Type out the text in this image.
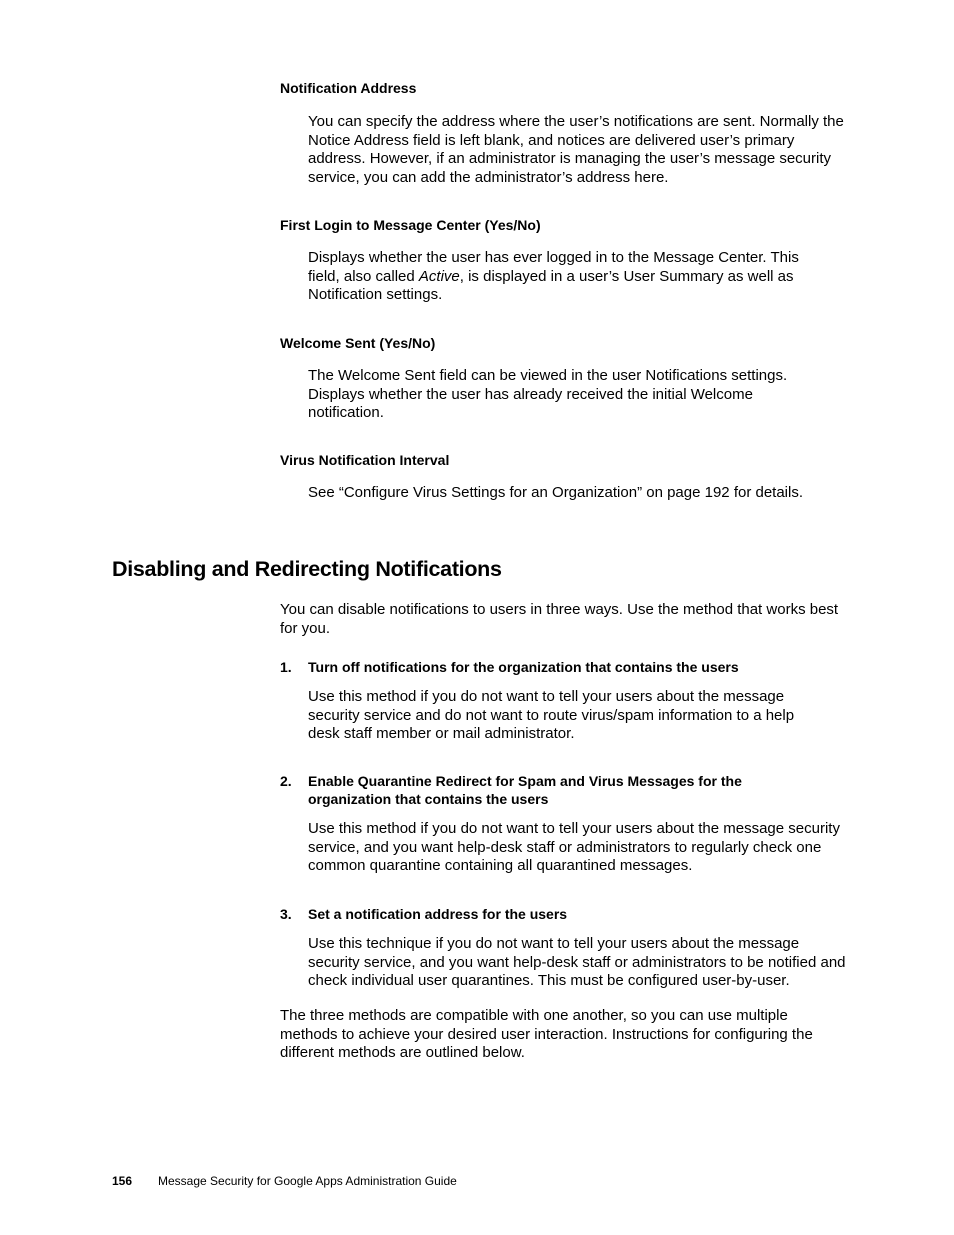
Notification Address
You can specify the address where the user’s notifications are sent. Normally the Notice Address field is left blank, and notices are delivered user’s primary address. However, if an administrator is managing the user’s message security service, you can add the administrator’s address here.
First Login to Message Center (Yes/No)
Displays whether the user has ever logged in to the Message Center. This field, also called Active, is displayed in a user’s User Summary as well as Notification settings.
Welcome Sent (Yes/No)
The Welcome Sent field can be viewed in the user Notifications settings. Displays whether the user has already received the initial Welcome notification.
Virus Notification Interval
See “Configure Virus Settings for an Organization” on page 192 for details.
Disabling and Redirecting Notifications
You can disable notifications to users in three ways. Use the method that works best for you.
1. Turn off notifications for the organization that contains the users
Use this method if you do not want to tell your users about the message security service and do not want to route virus/spam information to a help desk staff member or mail administrator.
2. Enable Quarantine Redirect for Spam and Virus Messages for the organization that contains the users
Use this method if you do not want to tell your users about the message security service, and you want help-desk staff or administrators to regularly check one common quarantine containing all quarantined messages.
3. Set a notification address for the users
Use this technique if you do not want to tell your users about the message security service, and you want help-desk staff or administrators to be notified and check individual user quarantines. This must be configured user-by-user.
The three methods are compatible with one another, so you can use multiple methods to achieve your desired user interaction. Instructions for configuring the different methods are outlined below.
156 Message Security for Google Apps Administration Guide
